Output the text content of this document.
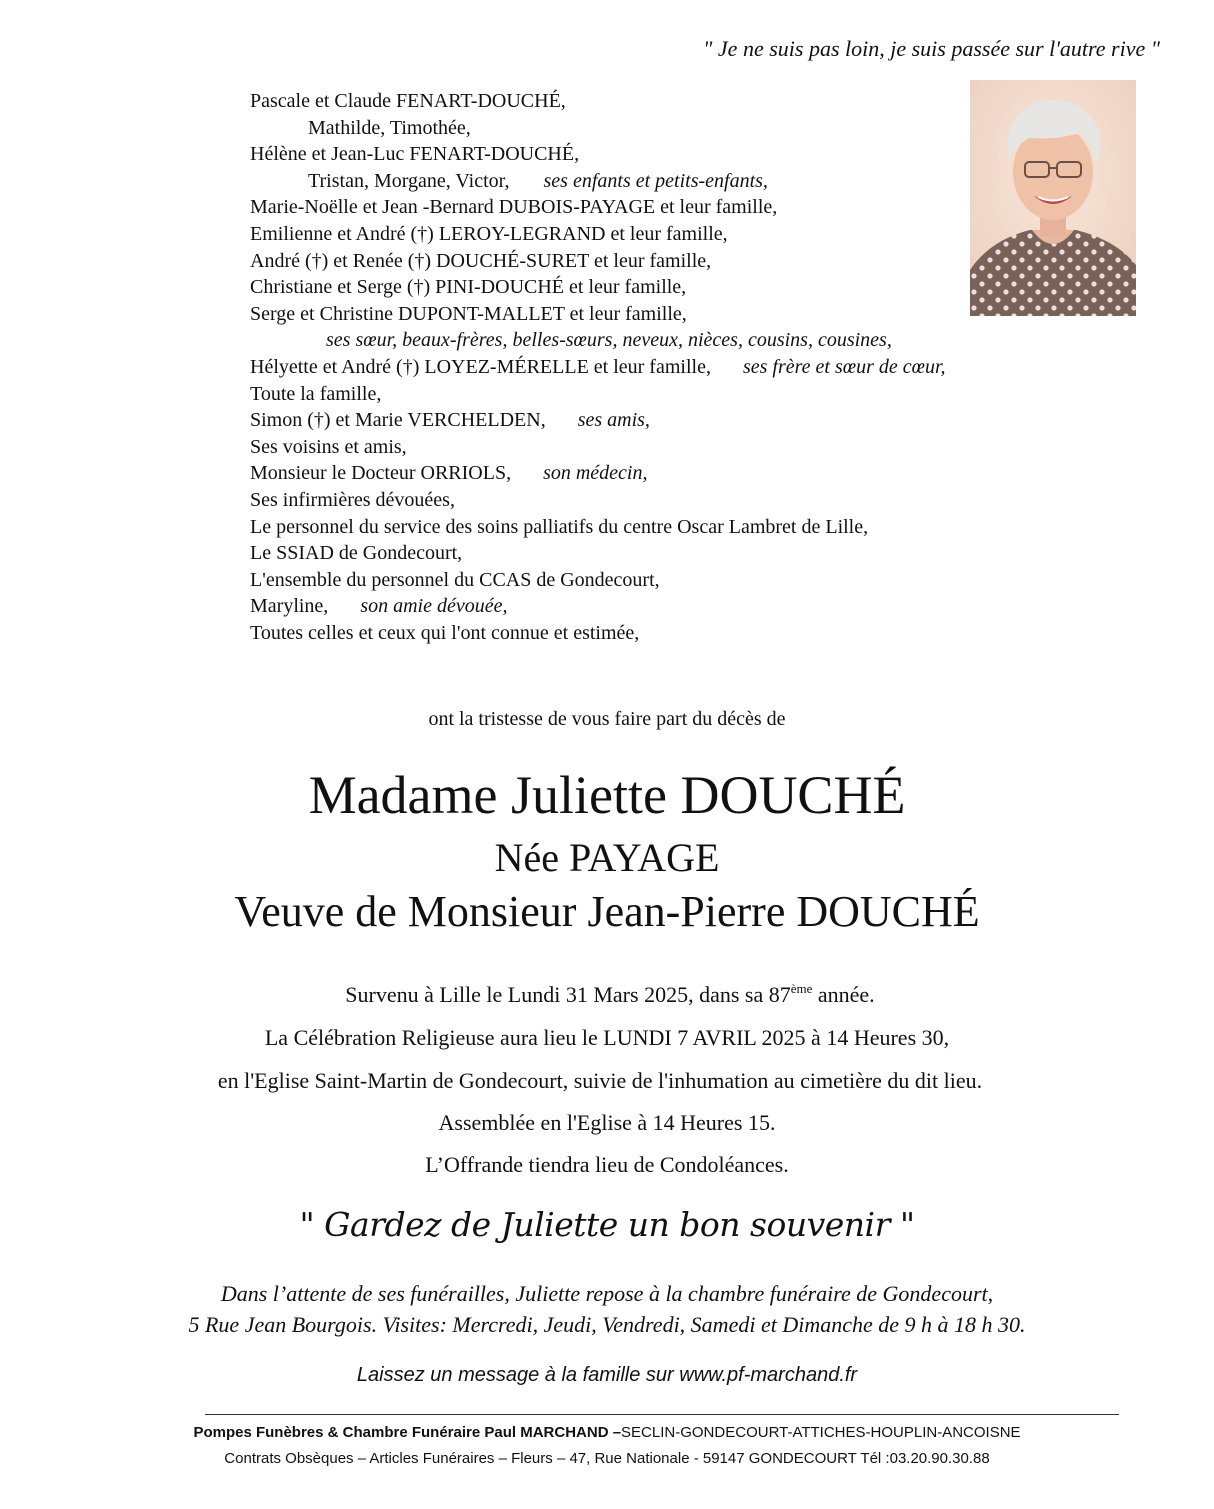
" Je ne suis pas loin, je suis passée sur l'autre rive "
Pascale et Claude FENART-DOUCHÉ,
Mathilde, Timothée,
Hélène et Jean-Luc FENART-DOUCHÉ,
Tristan, Morgane, Victor, ses enfants et petits-enfants,
Marie-Noëlle et Jean -Bernard DUBOIS-PAYAGE et leur famille,
Emilienne et André (†) LEROY-LEGRAND et leur famille,
André (†) et Renée (†) DOUCHÉ-SURET et leur famille,
Christiane et Serge (†) PINI-DOUCHÉ et leur famille,
Serge et Christine DUPONT-MALLET et leur famille,
ses sœur, beaux-frères, belles-sœurs, neveux, nièces, cousins, cousines,
Hélyette et André (†) LOYEZ-MÉRELLE et leur famille, ses frère et sœur de cœur,
Toute la famille,
Simon (†) et Marie VERCHELDEN, ses amis,
Ses voisins et amis,
Monsieur le Docteur ORRIOLS, son médecin,
Ses infirmières dévouées,
Le personnel du service des soins palliatifs du centre Oscar Lambret de Lille,
Le SSIAD de Gondecourt,
L'ensemble du personnel du CCAS de Gondecourt,
Maryline, son amie dévouée,
Toutes celles et ceux qui l'ont connue et estimée,
ont la tristesse de vous faire part du décès de
Madame Juliette DOUCHÉ
Née PAYAGE
Veuve de Monsieur Jean-Pierre DOUCHÉ
Survenu à Lille le Lundi 31 Mars 2025, dans sa 87ème année.
La Célébration Religieuse aura lieu le LUNDI 7 AVRIL 2025 à 14 Heures 30,
en l'Eglise Saint-Martin de Gondecourt, suivie de l'inhumation au cimetière du dit lieu.
Assemblée en l'Eglise à 14 Heures 15.
L’Offrande tiendra lieu de Condoléances.
" Gardez de Juliette un bon souvenir "
Dans l’attente de ses funérailles, Juliette repose à la chambre funéraire de Gondecourt,
5 Rue Jean Bourgois. Visites: Mercredi, Jeudi, Vendredi, Samedi et Dimanche de 9 h à 18 h 30.
Laissez un message à la famille sur www.pf-marchand.fr
Pompes Funèbres & Chambre Funéraire Paul MARCHAND –SECLIN-GONDECOURT-ATTICHES-HOUPLIN-ANCOISNE
Contrats Obsèques – Articles Funéraires – Fleurs – 47, Rue Nationale - 59147 GONDECOURT Tél :03.20.90.30.88
